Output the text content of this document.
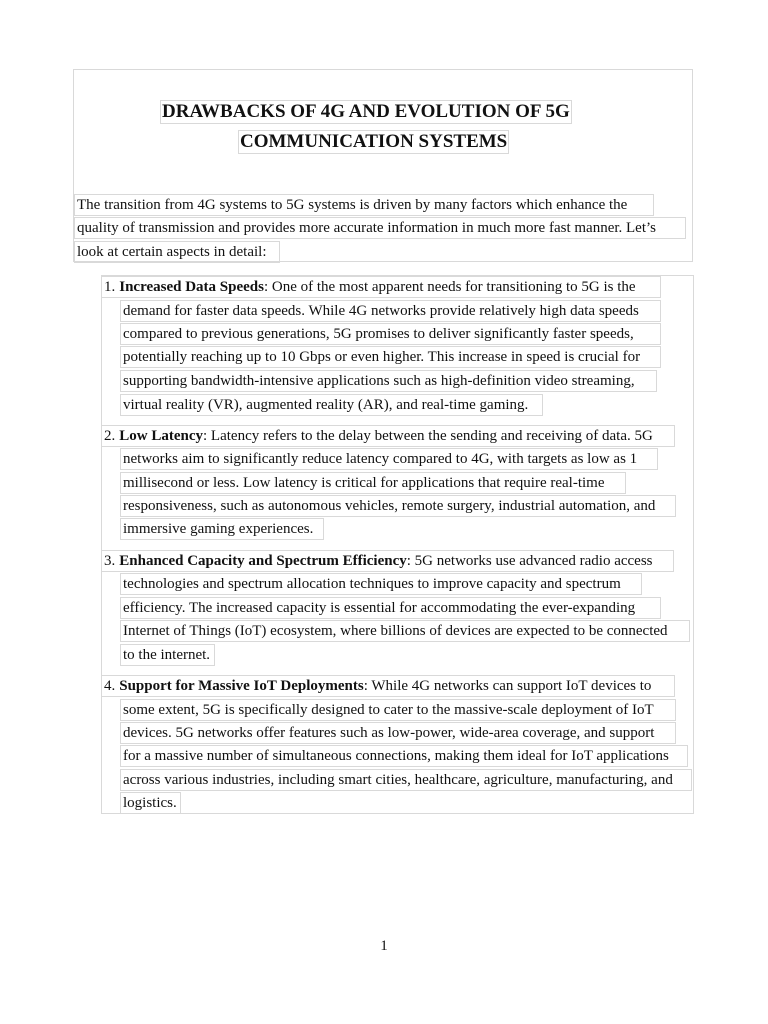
DRAWBACKS OF 4G AND EVOLUTION OF 5G
COMMUNICATION SYSTEMS
The transition from 4G systems to 5G systems is driven by many factors which enhance the
quality of transmission and provides more accurate information in much more fast manner. Let’s
look at certain aspects in detail:
1. Increased Data Speeds: One of the most apparent needs for transitioning to 5G is the
demand for faster data speeds. While 4G networks provide relatively high data speeds
compared to previous generations, 5G promises to deliver significantly faster speeds,
potentially reaching up to 10 Gbps or even higher. This increase in speed is crucial for
supporting bandwidth-intensive applications such as high-definition video streaming,
virtual reality (VR), augmented reality (AR), and real-time gaming.
2. Low Latency: Latency refers to the delay between the sending and receiving of data. 5G
networks aim to significantly reduce latency compared to 4G, with targets as low as 1
millisecond or less. Low latency is critical for applications that require real-time
responsiveness, such as autonomous vehicles, remote surgery, industrial automation, and
immersive gaming experiences.
3. Enhanced Capacity and Spectrum Efficiency: 5G networks use advanced radio access
technologies and spectrum allocation techniques to improve capacity and spectrum
efficiency. The increased capacity is essential for accommodating the ever-expanding
Internet of Things (IoT) ecosystem, where billions of devices are expected to be connected
to the internet.
4. Support for Massive IoT Deployments: While 4G networks can support IoT devices to
some extent, 5G is specifically designed to cater to the massive-scale deployment of IoT
devices. 5G networks offer features such as low-power, wide-area coverage, and support
for a massive number of simultaneous connections, making them ideal for IoT applications
across various industries, including smart cities, healthcare, agriculture, manufacturing, and
logistics.
1
